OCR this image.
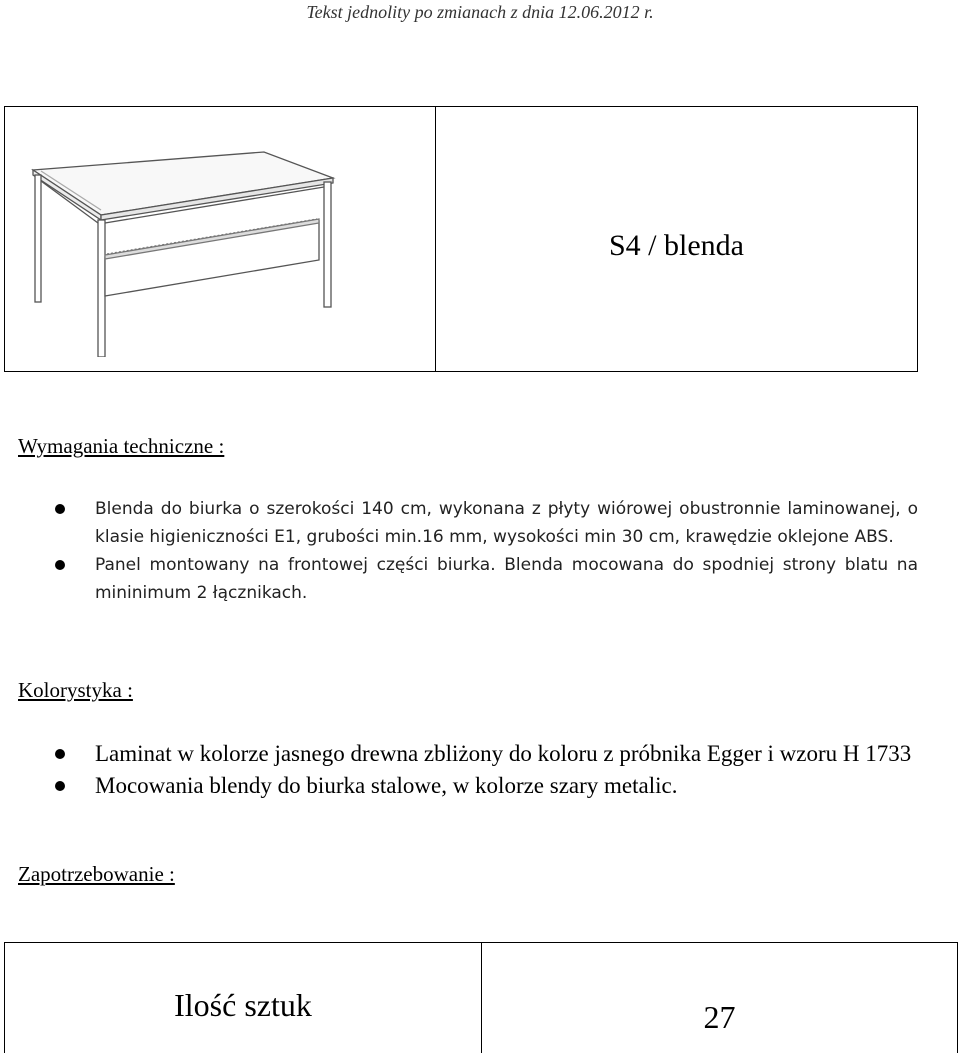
Tekst jednolity po zmianach z dnia 12.06.2012 r.
S4 / blenda
Wymagania techniczne :
Blenda do biurka o szerokości 140 cm, wykonana z płyty wiórowej obustronnie laminowanej, o klasie higieniczności E1, grubości min.16 mm, wysokości min 30 cm, krawędzie oklejone ABS.
Panel montowany na frontowej części biurka. Blenda mocowana do spodniej strony blatu na mininimum 2 łącznikach.
Kolorystyka :
Laminat w kolorze jasnego drewna zbliżony do koloru z próbnika Egger i wzoru H 1733
Mocowania blendy do biurka stalowe, w kolorze szary metalic.
Zapotrzebowanie :
Ilość sztuk	27
